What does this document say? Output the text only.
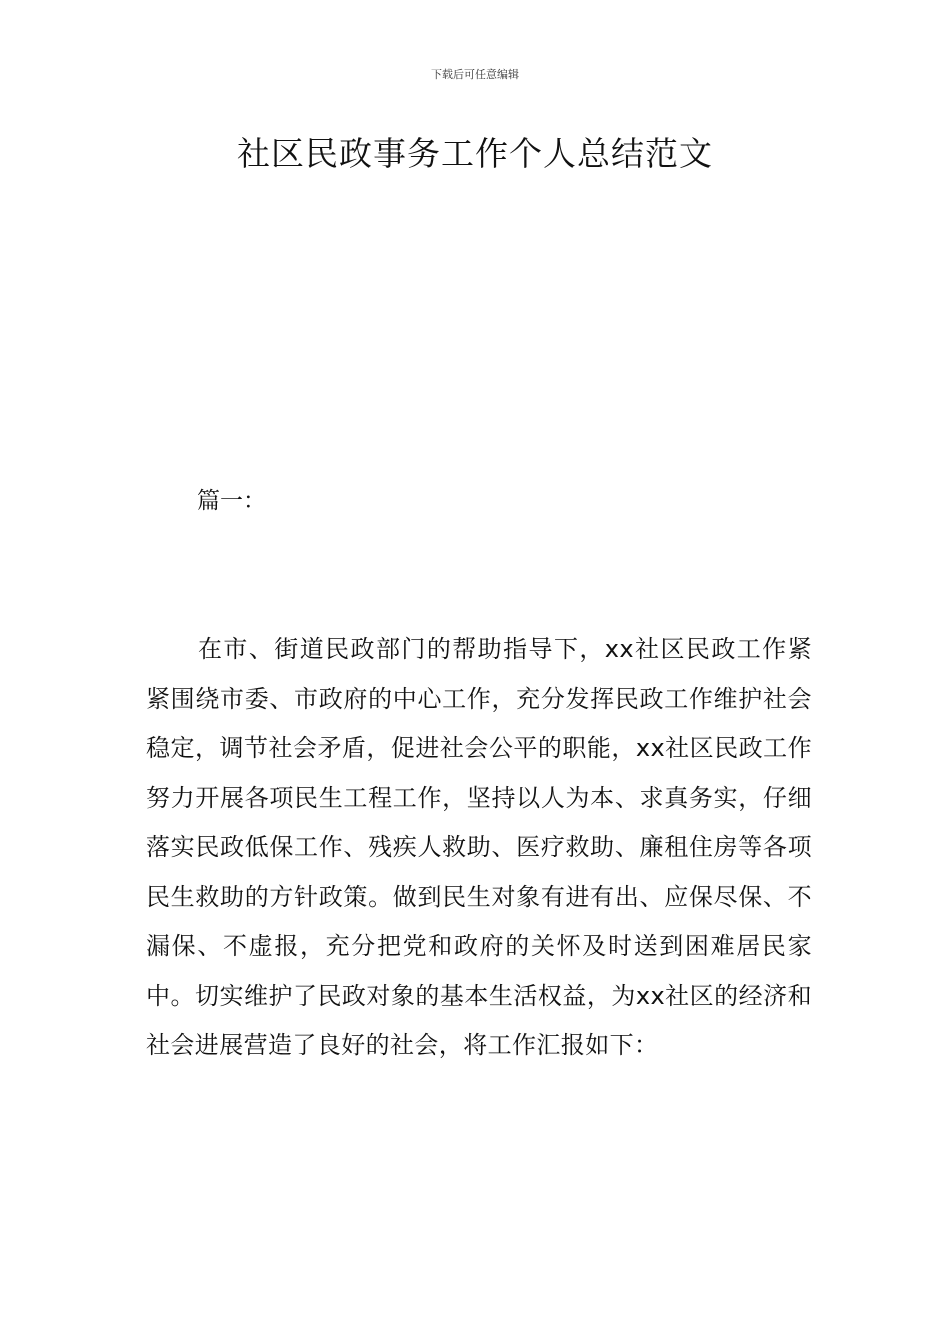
下载后可任意编辑
社区民政事务工作个人总结范文
篇一：

在市、街道民政部门的帮助指导下，xx社区民政工作紧紧围绕市委、市政府的中心工作，充分发挥民政工作维护社会稳定，调节社会矛盾，促进社会公平的职能，xx社区民政工作努力开展各项民生工程工作，坚持以人为本、求真务实，仔细落实民政低保工作、残疾人救助、医疗救助、廉租住房等各项民生救助的方针政策。做到民生对象有进有出、应保尽保、不漏保、不虚报，充分把党和政府的关怀及时送到困难居民家中。切实维护了民政对象的基本生活权益，为xx社区的经济和社会进展营造了良好的社会，将工作汇报如下：
